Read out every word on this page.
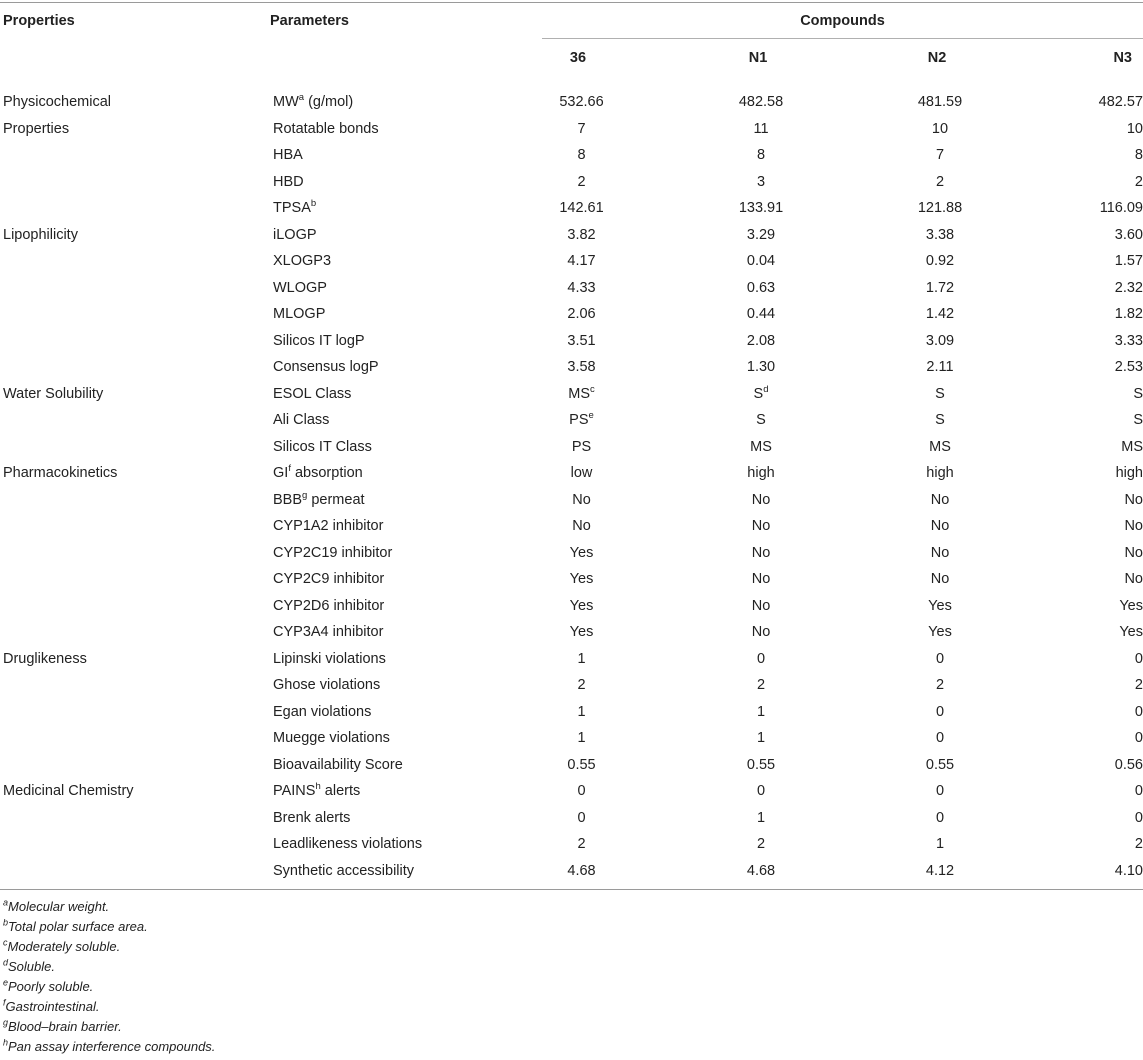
Properties	Parameters	Compounds
36	N1	N2	N3
Physicochemical	$MW^a$ (g/mol)	532.66		482.58		481.59		482.57
Properties	Rotatable bonds	7		11		10		10
	HBA	8		8		7		8
	HBD	2		3		2		2
	TPSA$^b$	142.61		133.91		121.88		116.09
Lipophilicity	iLOGP	3.82		3.29		3.38		3.60
	XLOGP3	4.17		0.04		0.92		1.57
	WLOGP	4.33		0.63		1.72		2.32
	MLOGP	2.06		0.44		1.42		1.82
	Silicos IT logP	3.51		2.08		3.09		3.33
	Consensus logP	3.58		1.30		2.11		2.53
Water Solubility	ESOL Class	$MS^c$		$S^d$		S		S
	Ali Class	$PS^e$		S		S		S
	Silicos IT Class	PS		MS		MS		MS
Pharmacokinetics	$GI^f$ absorption	low		high		high		high
	BBB$^g$ permeat	No		No		No		No
	CYP1A2 inhibitor	No		No		No		No
	CYP2C19 inhibitor	Yes		No		No		No
	CYP2C9 inhibitor	Yes		No		No		No
	CYP2D6 inhibitor	Yes		No		Yes		Yes
	CYP3A4 inhibitor	Yes		No		Yes		Yes
Druglikeness	Lipinski violations	1		0		0		0
	Ghose violations	2		2		2		2
	Egan violations	1		1		0		0
	Muegge violations	1		1		0		0
	Bioavailability Score	0.55		0.55		0.55		0.56
Medicinal Chemistry	PAINS$^h$ alerts	0		0		0		0
	Brenk alerts	0		1		0		0
	Leadlikeness violations	2		2		1		2
	Synthetic accessibility	4.68		4.68		4.12		4.10
$^a$Molecular weight.
$^b$Total polar surface area.
$^c$Moderately soluble.
$^d$Soluble.
$^e$Poorly soluble.
$^f$Gastrointestinal.
$^g$Blood–brain barrier.
$^h$Pan assay interference compounds.
